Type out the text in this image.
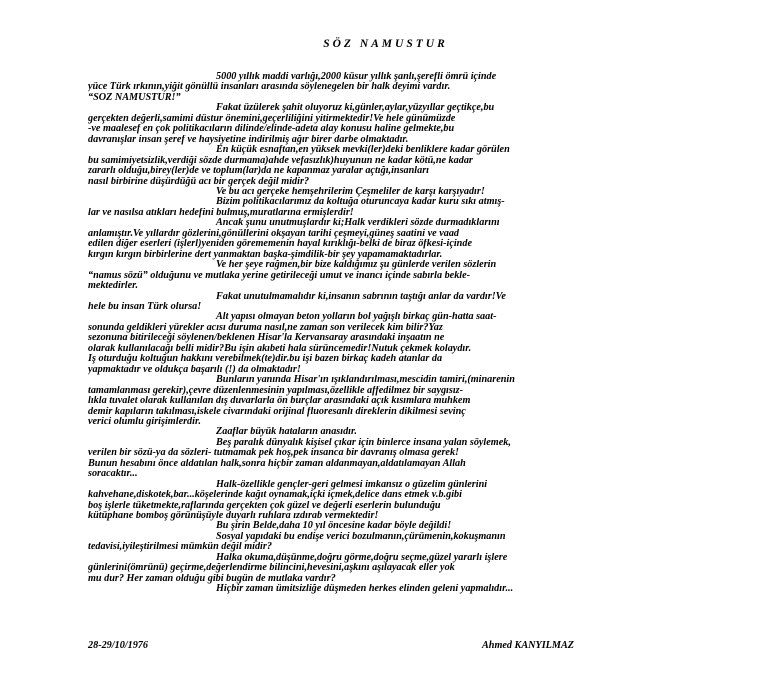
SÖZ NAMUSTUR
5000 yıllık maddi varlığı,2000 küsur yıllık şanlı,şerefli ömrü içinde
yüce Türk ırkının,yiğit gönüllü insanları arasında söylenegelen bir halk deyimi vardır.
“SÖZ NAMUSTUR!”
Fakat üzülerek şahit oluyoruz ki,günler,aylar,yüzyıllar geçtikçe,bu
gerçekten değerli,samimi düstur önemini,geçerliliğini yitirmektedir!Ve hele günümüzde
-ve maalesef en çok politikacıların dilinde/elinde-adeta alay konusu haline gelmekte,bu
davranışlar insan şeref ve haysiyetine indirilmiş ağır birer darbe olmaktadır.
En küçük esnaftan,en yüksek mevki(ler)deki benliklere kadar görülen
bu samimiyetsizlik,verdiği sözde durmama)ahde vefasızlık)huyunun ne kadar kötü,ne kadar
zararlı olduğu,birey(ler)de ve toplum(lar)da ne kapanmaz yaralar açtığı,insanları
nasıl birbirine düşürdüğü acı bir gerçek değil midir?
Ve bu acı gerçeke hemşehrilerim Çeşmeliler de karşı karşıyadır!
Bizim politikacılarımız da koltuğa oturuncaya kadar kuru sıkı atmış-
lar ve nasılsa atıkları hedefini bulmuş,muratlarına ermişlerdir!
Ancak şunu unutmuşlardır ki;Halk verdikleri sözde durmadıklarını
anlamıştır.Ve yıllardır gözlerini,gönüllerini okşayan tarihi çeşmeyi,güneş saatini ve vaad
edilen diğer eserleri (işlerl)yeniden görememenin hayal kırıklığı-belki de biraz öfkesi-içinde
kırgın kırgın birbirlerine dert yanmaktan başka-şimdilik-bir şey yapamamaktadırlar.
Ve her şeye rağmen,bir bize kaldığımız şu günlerde verilen sözlerin
“namus sözü” olduğunu ve mutlaka yerine getirileceği umut ve inancı içinde sabırla bekle-
mektedirler.
Fakat unutulmamalıdır ki,insanın sabrının taştığı anlar da vardır!Ve
hele bu insan Türk olursa!
Alt yapısı olmayan beton yolların bol yağışlı birkaç gün-hatta saat-
sonunda geldikleri yürekler acısı duruma nasıl,ne zaman son verilecek kim bilir?Yaz
sezonuna bitirileceği söylenen/beklenen Hisar'la Kervansaray arasındaki inşaatın ne
olarak kullanılacağı belli midir?Bu işin akıbeti hala sürüncemedir!Nutuk çekmek kolaydır.
İş oturduğu koltuğun hakkını verebilmek(te)dir.bu işi bazen birkaç kadeh atanlar da
yapmaktadır ve oldukça başarılı (!) da olmaktadır!
Bunların yanında Hisar'ın ışıklandırılması,mescidin tamiri,(minarenin
tamamlanması gerekir),çevre düzenlenmesinin yapılması,özellikle affedilmez bir saygısız-
lıkla tuvalet olarak kullanılan dış duvarlarla ön burçlar arasındaki açık kısımlara muhkem
demir kapıların takılması,iskele civarındaki orijinal fluoresanlı direklerin dikilmesi sevinç
verici olumlu girişimlerdir.
Zaaflar büyük hataların anasıdır.
Beş paralık dünyalık kişisel çıkar için binlerce insana yalan söylemek,
verilen bir sözü-ya da sözleri- tutmamak pek hoş,pek insanca bir davranış olmasa gerek!
Bunun hesabını önce aldatılan halk,sonra hiçbir zaman aldanmayan,aldatılamayan Allah
soracaktır...
Halk-özellikle gençler-geri gelmesi imkansız o güzelim günlerini
kahvehane,diskotek,bar...köşelerinde kağıt oynamak,içki içmek,delice dans etmek v.b.gibi
boş işlerle tüketmekte,raflarında gerçekten çok güzel ve değerli eserlerin bulunduğu
kütüphane bomboş görünüşüyle duyarlı ruhlara ızdırab vermektedir!
Bu şirin Belde,daha 10 yıl öncesine kadar böyle değildi!
Sosyal yapıdaki bu endişe verici bozulmanın,çürümenin,kokuşmanın
tedavisi,iyileştirilmesi mümkün değil midir?
Halka okuma,düşünme,doğru görme,doğru seçme,güzel yararlı işlere
günlerini(ömrünü) geçirme,değerlendirme bilincini,hevesini,aşkını aşılayacak eller yok
mu dur? Her zaman olduğu gibi bugün de mutlaka vardır?
Hiçbir zaman ümitsizliğe düşmeden herkes elinden geleni yapmalıdır...
28-29/10/1976	Ahmed KANYILMAZ
